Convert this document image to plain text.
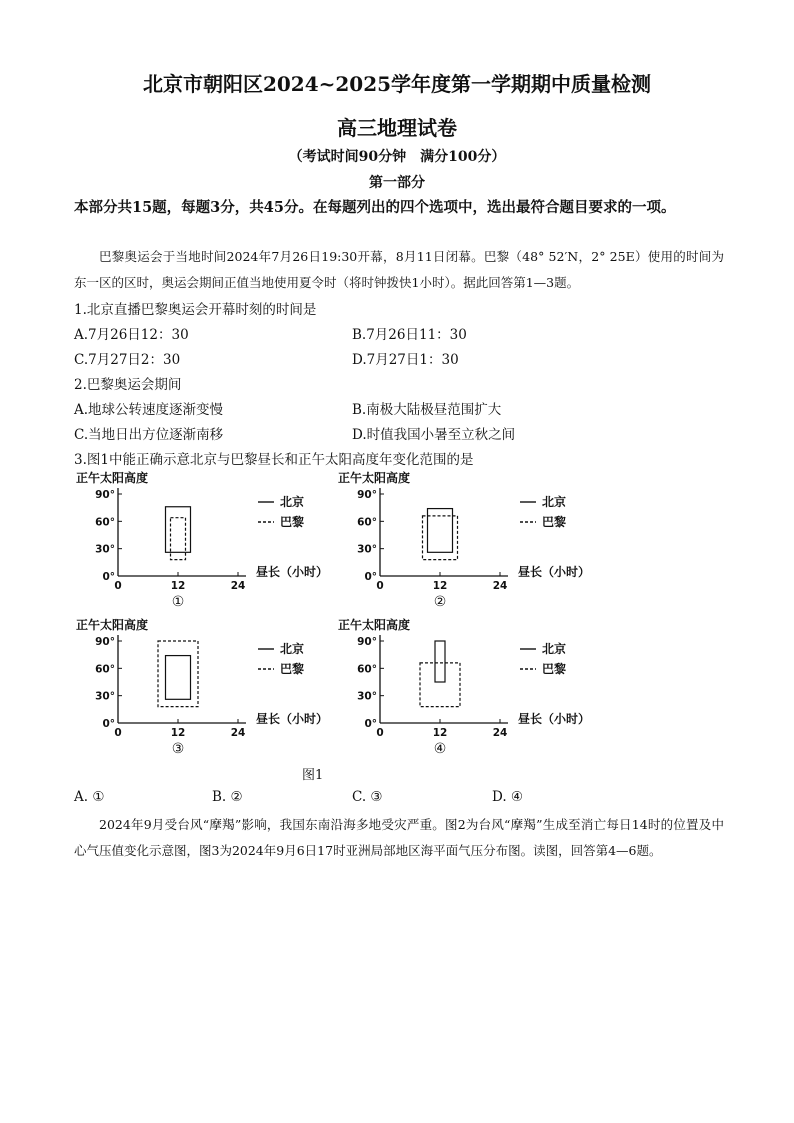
北京市朝阳区2024~2025学年度第一学期期中质量检测
高三地理试卷
（考试时间90分钟　满分100分）
第一部分
本部分共15题，每题3分，共45分。在每题列出的四个选项中，选出最符合题目要求的一项。
巴黎奥运会于当地时间2024年7月26日19:30开幕，8月11日闭幕。巴黎（48° 52′N，2° 25E）使用的时间为东一区的区时，奥运会期间正值当地使用夏令时（将时钟拨快1小时）。据此回答第1—3题。
1.北京直播巴黎奥运会开幕时刻的时间是
A.7月26日12：30	B.7月26日11：30
C.7月27日2：30	D.7月27日1：30
2.巴黎奥运会期间
A.地球公转速度逐渐变慢	B.南极大陆极昼范围扩大
C.当地日出方位逐渐南移	D.时值我国小暑至立秋之间
3.图1中能正确示意北京与巴黎昼长和正午太阳高度年变化范围的是
正午太阳高度
0°
30°
60°
90°
0	12	24
昼长（小时）
北京
巴黎
①
正午太阳高度
0°
30°
60°
90°
0	12	24
昼长（小时）
北京
巴黎
②
正午太阳高度
0°
30°
60°
90°
0	12	24
昼长（小时）
北京
巴黎
③
正午太阳高度
0°
30°
60°
90°
0	12	24
昼长（小时）
北京
巴黎
④
图1
A. ①	B. ②	C. ③	D. ④
2024年9月受台风“摩羯”影响，我国东南沿海多地受灾严重。图2为台风“摩羯”生成至消亡每日14时的位置及中心气压值变化示意图，图3为2024年9月6日17时亚洲局部地区海平面气压分布图。读图，回答第4—6题。
